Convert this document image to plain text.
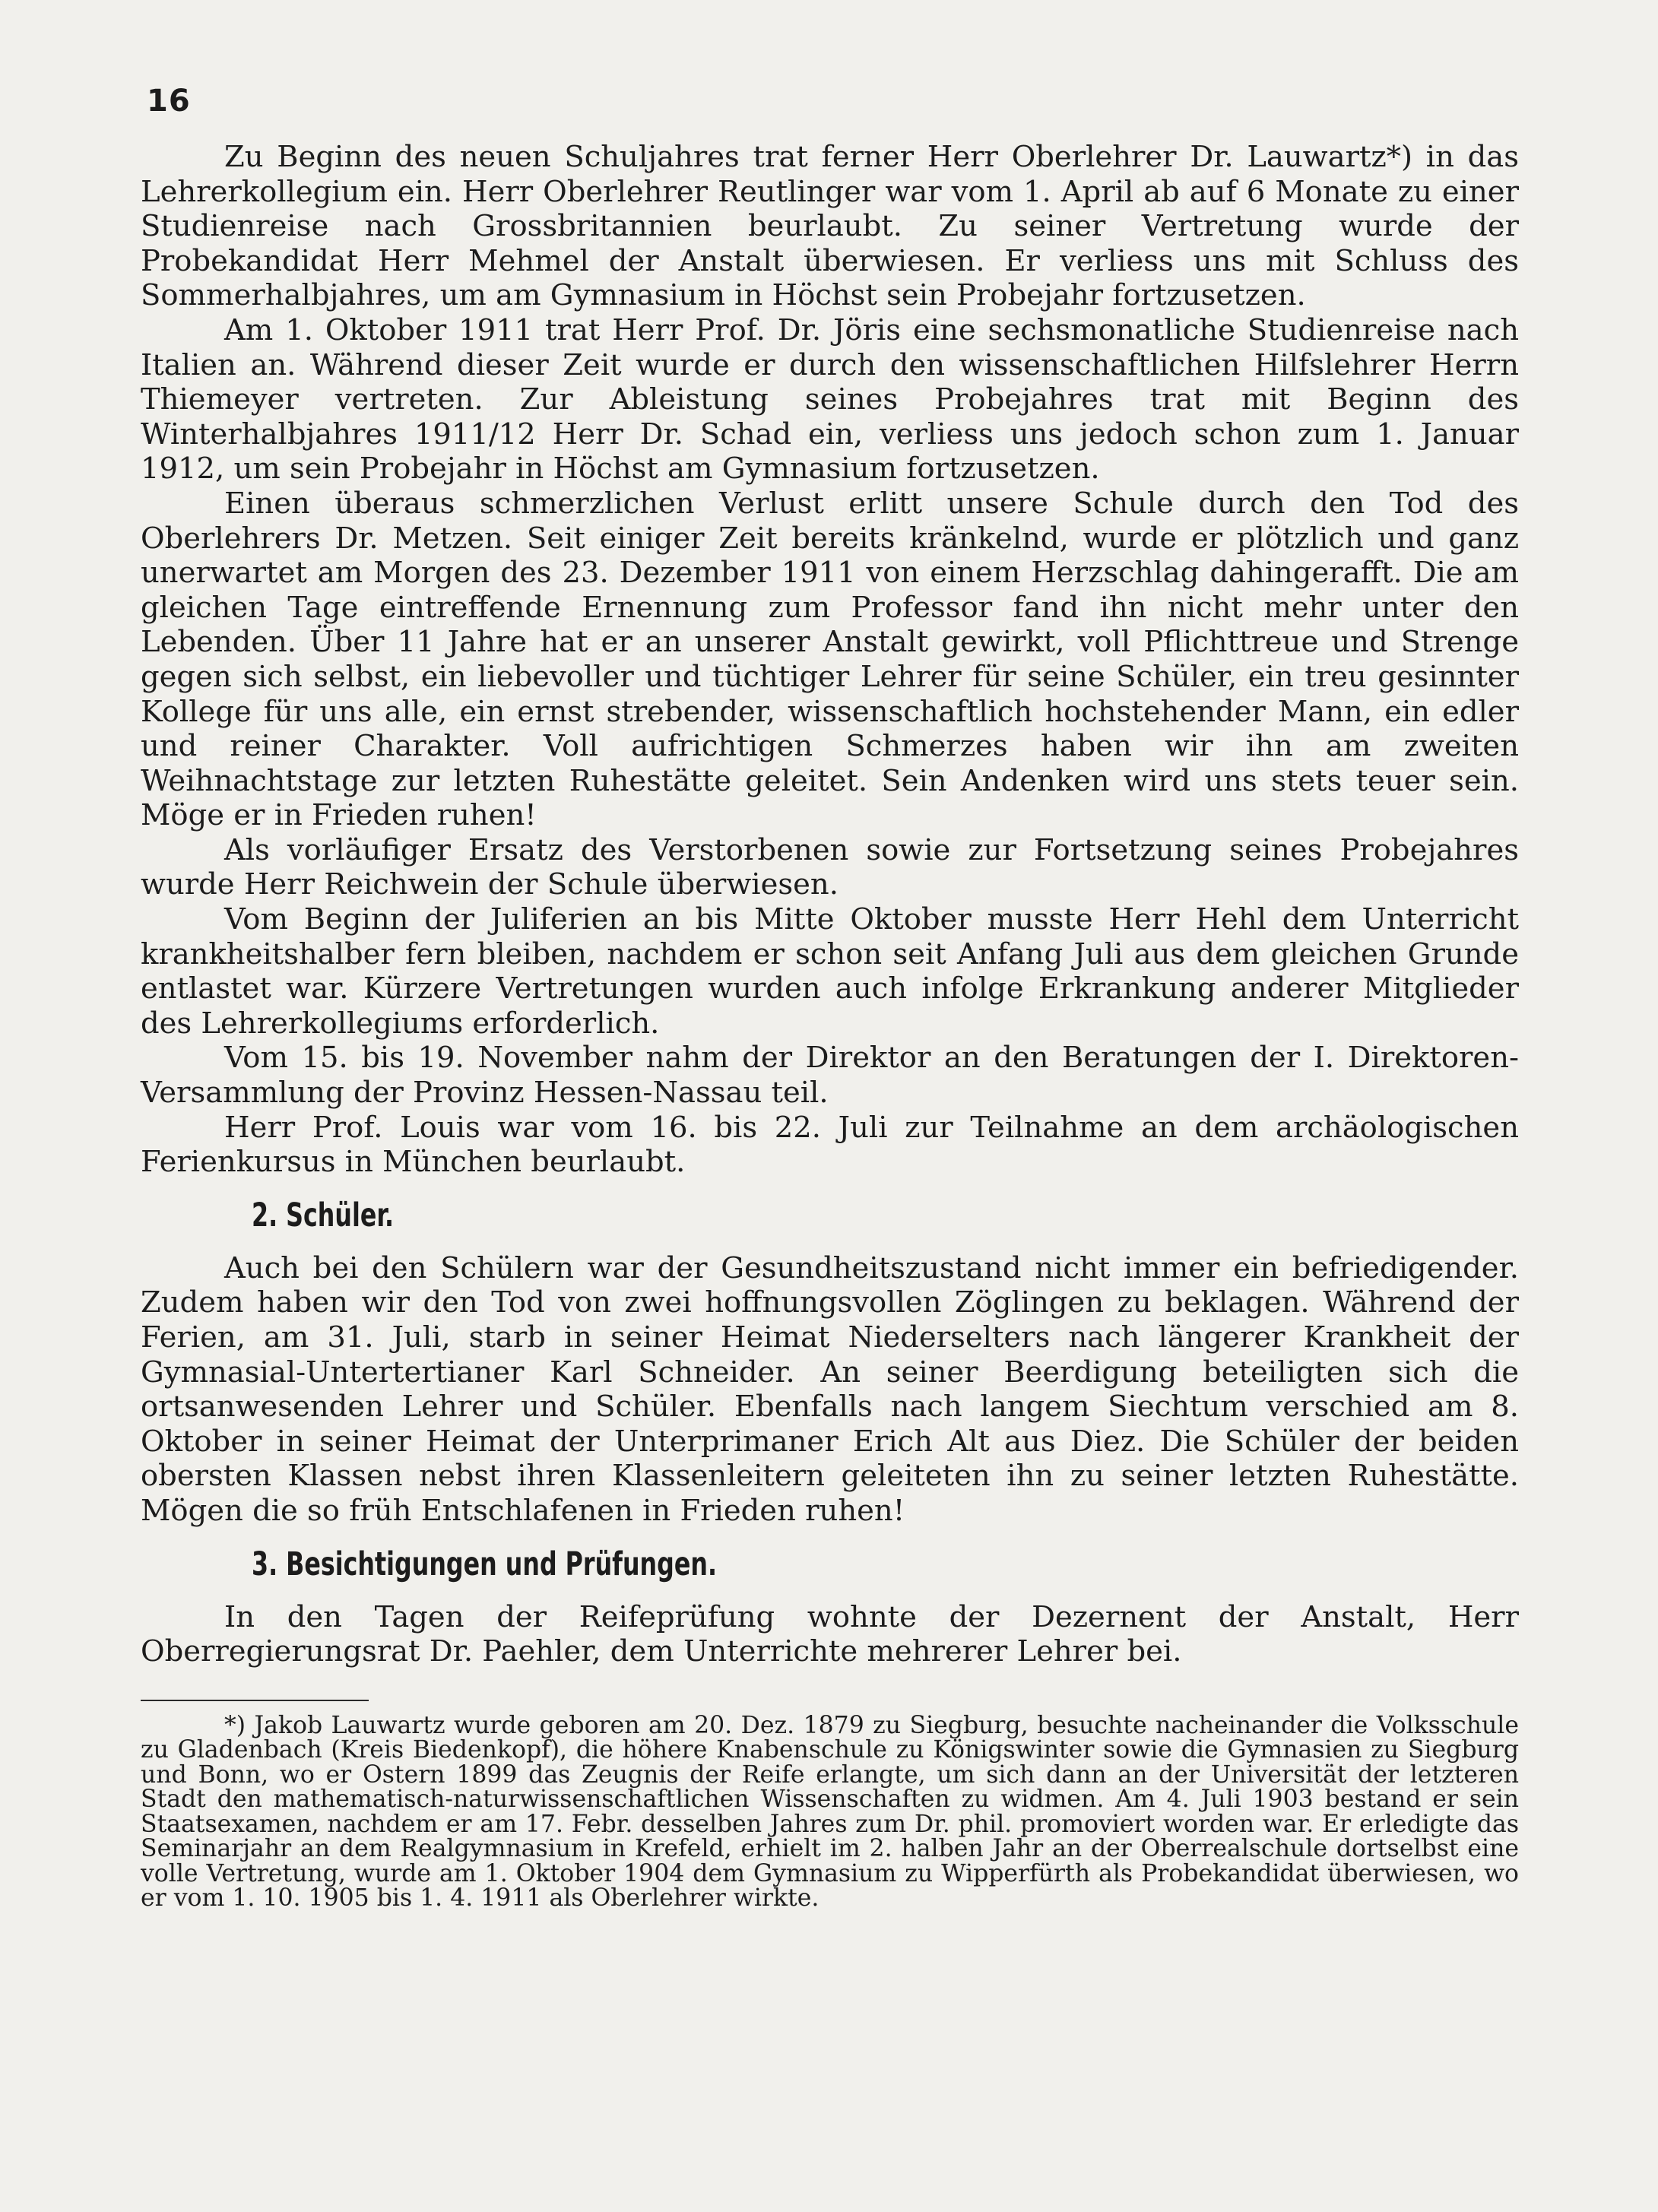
16

Zu Beginn des neuen Schuljahres trat ferner Herr Oberlehrer Dr. Lauwartz*) in das Lehrerkollegium ein. Herr Oberlehrer Reutlinger war vom 1. April ab auf 6 Monate zu einer Studienreise nach Grossbritannien beurlaubt. Zu seiner Vertretung wurde der Probekandidat Herr Mehmel der Anstalt überwiesen. Er verliess uns mit Schluss des Sommerhalbjahres, um am Gymnasium in Höchst sein Probejahr fortzusetzen.

Am 1. Oktober 1911 trat Herr Prof. Dr. Jöris eine sechsmonatliche Studienreise nach Italien an. Während dieser Zeit wurde er durch den wissenschaftlichen Hilfslehrer Herrn Thiemeyer vertreten. Zur Ableistung seines Probejahres trat mit Beginn des Winterhalbjahres 1911/12 Herr Dr. Schad ein, verliess uns jedoch schon zum 1. Januar 1912, um sein Probejahr in Höchst am Gymnasium fortzusetzen.

Einen überaus schmerzlichen Verlust erlitt unsere Schule durch den Tod des Oberlehrers Dr. Metzen. Seit einiger Zeit bereits kränkelnd, wurde er plötzlich und ganz unerwartet am Morgen des 23. Dezember 1911 von einem Herzschlag dahingerafft. Die am gleichen Tage eintreffende Ernennung zum Professor fand ihn nicht mehr unter den Lebenden. Über 11 Jahre hat er an unserer Anstalt gewirkt, voll Pflichttreue und Strenge gegen sich selbst, ein liebevoller und tüchtiger Lehrer für seine Schüler, ein treu gesinnter Kollege für uns alle, ein ernst strebender, wissenschaftlich hochstehender Mann, ein edler und reiner Charakter. Voll aufrichtigen Schmerzes haben wir ihn am zweiten Weihnachtstage zur letzten Ruhestätte geleitet. Sein Andenken wird uns stets teuer sein. Möge er in Frieden ruhen!

Als vorläufiger Ersatz des Verstorbenen sowie zur Fortsetzung seines Probejahres wurde Herr Reichwein der Schule überwiesen.

Vom Beginn der Juliferien an bis Mitte Oktober musste Herr Hehl dem Unterricht krankheitshalber fern bleiben, nachdem er schon seit Anfang Juli aus dem gleichen Grunde entlastet war. Kürzere Vertretungen wurden auch infolge Erkrankung anderer Mitglieder des Lehrerkollegiums erforderlich.

Vom 15. bis 19. November nahm der Direktor an den Beratungen der I. Direktoren-Versammlung der Provinz Hessen-Nassau teil.

Herr Prof. Louis war vom 16. bis 22. Juli zur Teilnahme an dem archäologischen Ferienkursus in München beurlaubt.

2. Schüler.

Auch bei den Schülern war der Gesundheitszustand nicht immer ein befriedigender. Zudem haben wir den Tod von zwei hoffnungsvollen Zöglingen zu beklagen. Während der Ferien, am 31. Juli, starb in seiner Heimat Niederselters nach längerer Krankheit der Gymnasial-Untertertianer Karl Schneider. An seiner Beerdigung beteiligten sich die ortsanwesenden Lehrer und Schüler. Ebenfalls nach langem Siechtum verschied am 8. Oktober in seiner Heimat der Unterprimaner Erich Alt aus Diez. Die Schüler der beiden obersten Klassen nebst ihren Klassenleitern geleiteten ihn zu seiner letzten Ruhestätte. Mögen die so früh Entschlafenen in Frieden ruhen!

3. Besichtigungen und Prüfungen.

In den Tagen der Reifeprüfung wohnte der Dezernent der Anstalt, Herr Oberregierungsrat Dr. Paehler, dem Unterrichte mehrerer Lehrer bei.

*) Jakob Lauwartz wurde geboren am 20. Dez. 1879 zu Siegburg, besuchte nacheinander die Volksschule zu Gladenbach (Kreis Biedenkopf), die höhere Knabenschule zu Königswinter sowie die Gymnasien zu Siegburg und Bonn, wo er Ostern 1899 das Zeugnis der Reife erlangte, um sich dann an der Universität der letzteren Stadt den mathematisch-naturwissenschaftlichen Wissenschaften zu widmen. Am 4. Juli 1903 bestand er sein Staatsexamen, nachdem er am 17. Febr. desselben Jahres zum Dr. phil. promoviert worden war. Er erledigte das Seminarjahr an dem Realgymnasium in Krefeld, erhielt im 2. halben Jahr an der Oberrealschule dortselbst eine volle Vertretung, wurde am 1. Oktober 1904 dem Gymnasium zu Wipperfürth als Probekandidat überwiesen, wo er vom 1. 10. 1905 bis 1. 4. 1911 als Oberlehrer wirkte.
